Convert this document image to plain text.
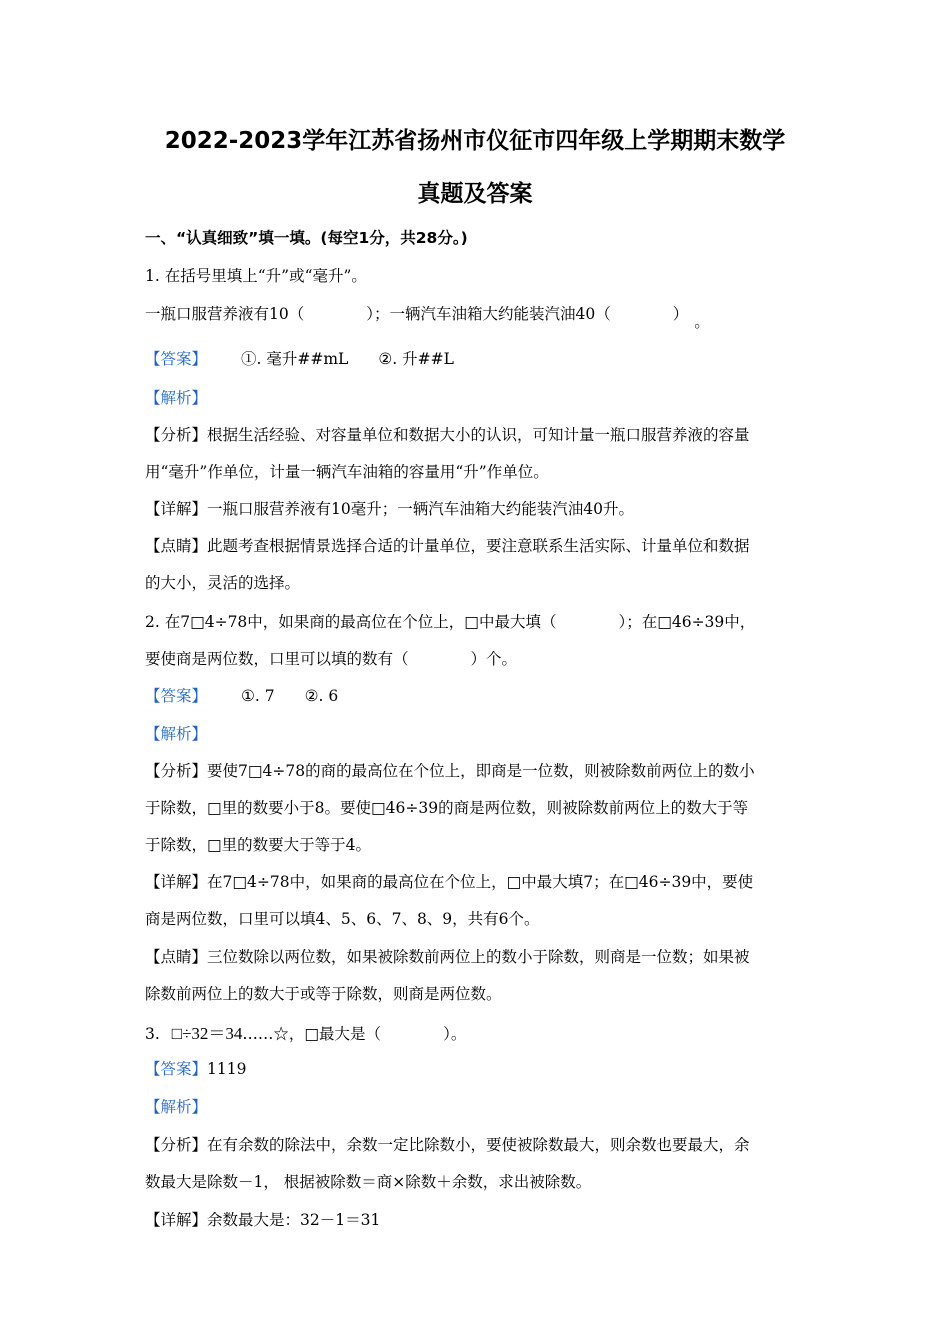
2022-2023学年江苏省扬州市仪征市四年级上学期期末数学
真题及答案
一、“认真细致”填一填。(每空1分，共28分。)
1. 在括号里填上“升”或“毫升”。
一瓶口服营养液有10（	）；一辆汽车油箱大约能装汽油40（	） 。
【答案】 ①. 毫升##mL ②. 升##L
【解析】
【分析】根据生活经验、对容量单位和数据大小的认识，可知计量一瓶口服营养液的容量
用“毫升”作单位，计量一辆汽车油箱的容量用“升”作单位。
【详解】一瓶口服营养液有10毫升；一辆汽车油箱大约能装汽油40升。
【点睛】此题考查根据情景选择合适的计量单位，要注意联系生活实际、计量单位和数据
的大小，灵活的选择。
2. 在7□4÷78中，如果商的最高位在个位上，□中最大填（	）；在□46÷39中，
要使商是两位数，口里可以填的数有（	）个。
【答案】 ①. 7 ②. 6
【解析】
【分析】要使7□4÷78的商的最高位在个位上，即商是一位数，则被除数前两位上的数小
于除数，□里的数要小于8。要使□46÷39的商是两位数，则被除数前两位上的数大于等
于除数，□里的数要大于等于4。
【详解】在7□4÷78中，如果商的最高位在个位上，□中最大填7；在□46÷39中，要使
商是两位数，口里可以填4、5、6、7、8、9，共有6个。
【点睛】三位数除以两位数，如果被除数前两位上的数小于除数，则商是一位数；如果被
除数前两位上的数大于或等于除数，则商是两位数。
3. □÷32＝34……☆，□最大是（	）。
【答案】1119
【解析】
【分析】在有余数的除法中，余数一定比除数小，要使被除数最大，则余数也要最大，余
数最大是除数－1， 根据被除数＝商×除数＋余数，求出被除数。
【详解】余数最大是：32－1＝31
